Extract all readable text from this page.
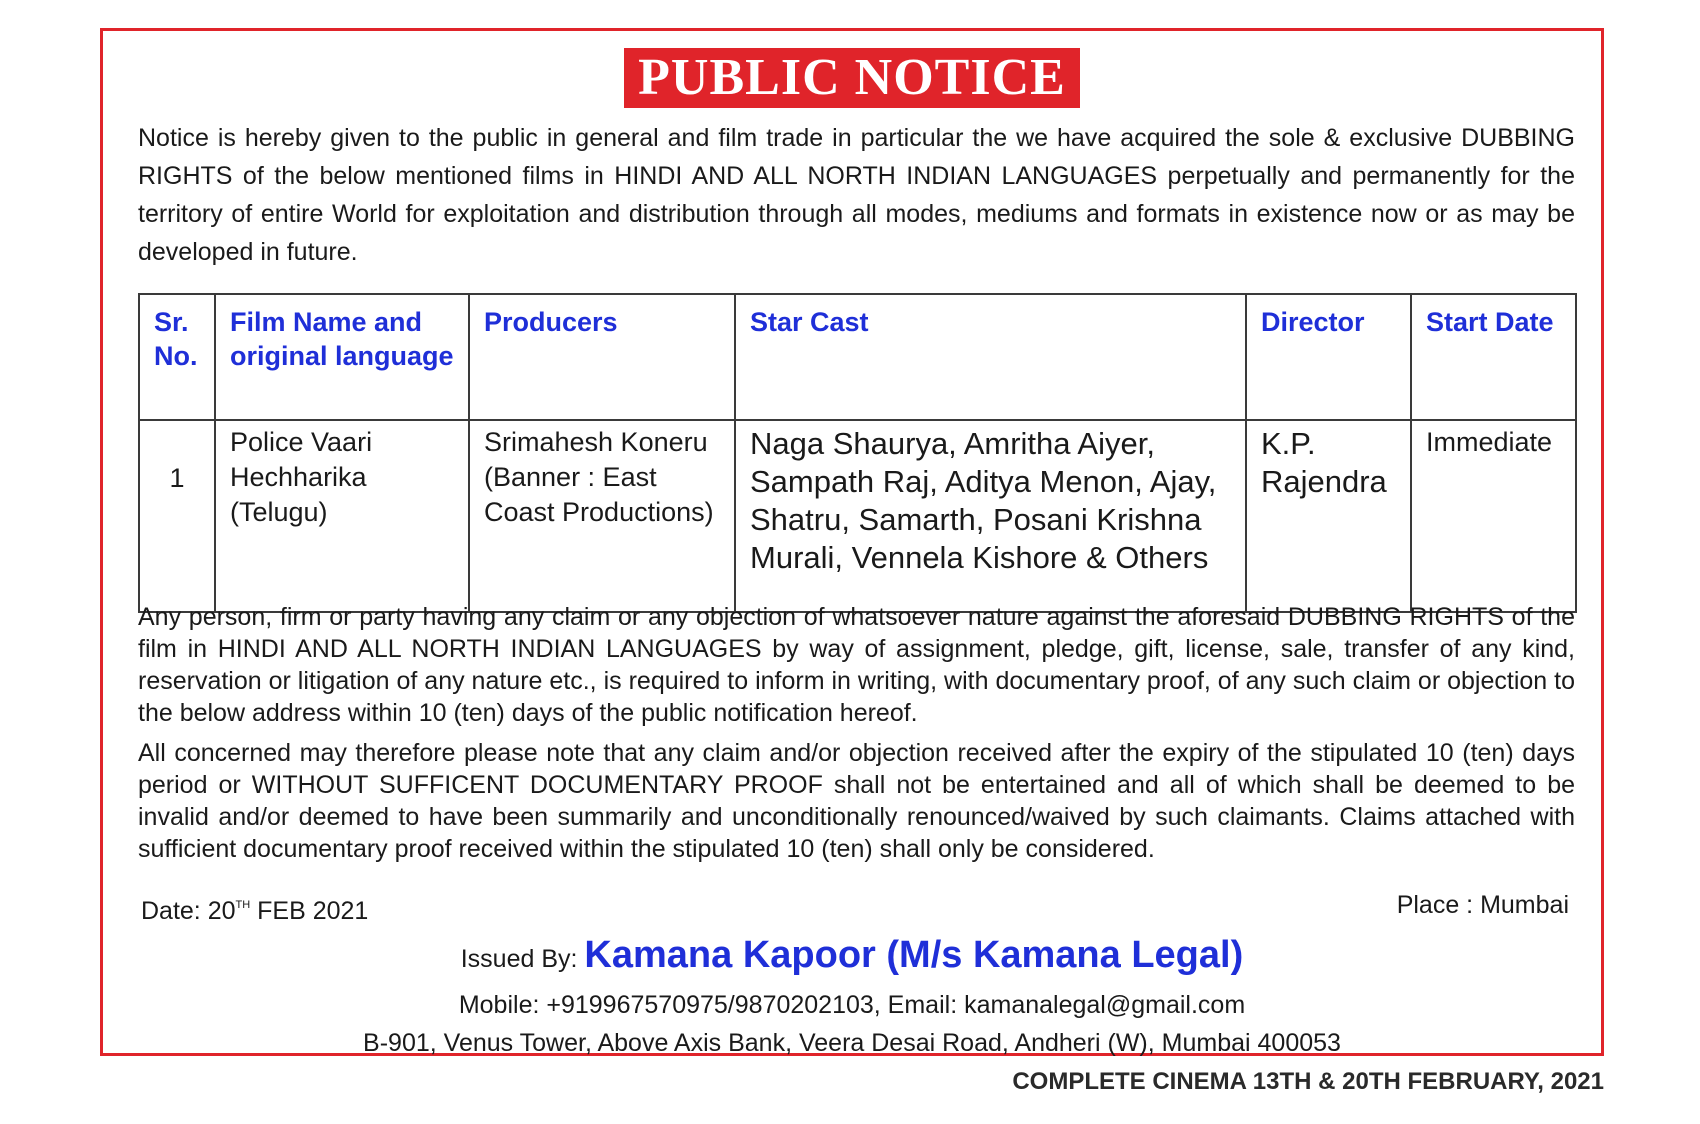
PUBLIC NOTICE

Notice is hereby given to the public in general and film trade in particular the we have acquired the sole & exclusive DUBBING RIGHTS of the below mentioned films in HINDI AND ALL NORTH INDIAN LANGUAGES perpetually and permanently for the territory of entire World for exploitation and distribution through all modes, mediums and formats in existence now or as may be developed in future.

Sr. No.	Film Name and original language	Producers	Star Cast	Director	Start Date
1	Police Vaari Hechharika (Telugu)	Srimahesh Koneru (Banner : East Coast Productions)	Naga Shaurya, Amritha Aiyer, Sampath Raj, Aditya Menon, Ajay, Shatru, Samarth, Posani Krishna Murali, Vennela Kishore & Others	K.P. Rajendra	Immediate

Any person, firm or party having any claim or any objection of whatsoever nature against the aforesaid DUBBING RIGHTS of the film in HINDI AND ALL NORTH INDIAN LANGUAGES by way of assignment, pledge, gift, license, sale, transfer of any kind, reservation or litigation of any nature etc., is required to inform in writing, with documentary proof, of any such claim or objection to the below address within 10 (ten) days of the public notification hereof.

All concerned may therefore please note that any claim and/or objection received after the expiry of the stipulated 10 (ten) days period or WITHOUT SUFFICENT DOCUMENTARY PROOF shall not be entertained and all of which shall be deemed to be invalid and/or deemed to have been summarily and unconditionally renounced/waived by such claimants. Claims attached with sufficient documentary proof received within the stipulated 10 (ten) shall only be considered.

Date: 20TH FEB 2021	Place : Mumbai
Issued By: Kamana Kapoor (M/s Kamana Legal)
Mobile: +919967570975/9870202103, Email: kamanalegal@gmail.com
B-901, Venus Tower, Above Axis Bank, Veera Desai Road, Andheri (W), Mumbai 400053
COMPLETE CINEMA 13TH & 20TH FEBRUARY, 2021
